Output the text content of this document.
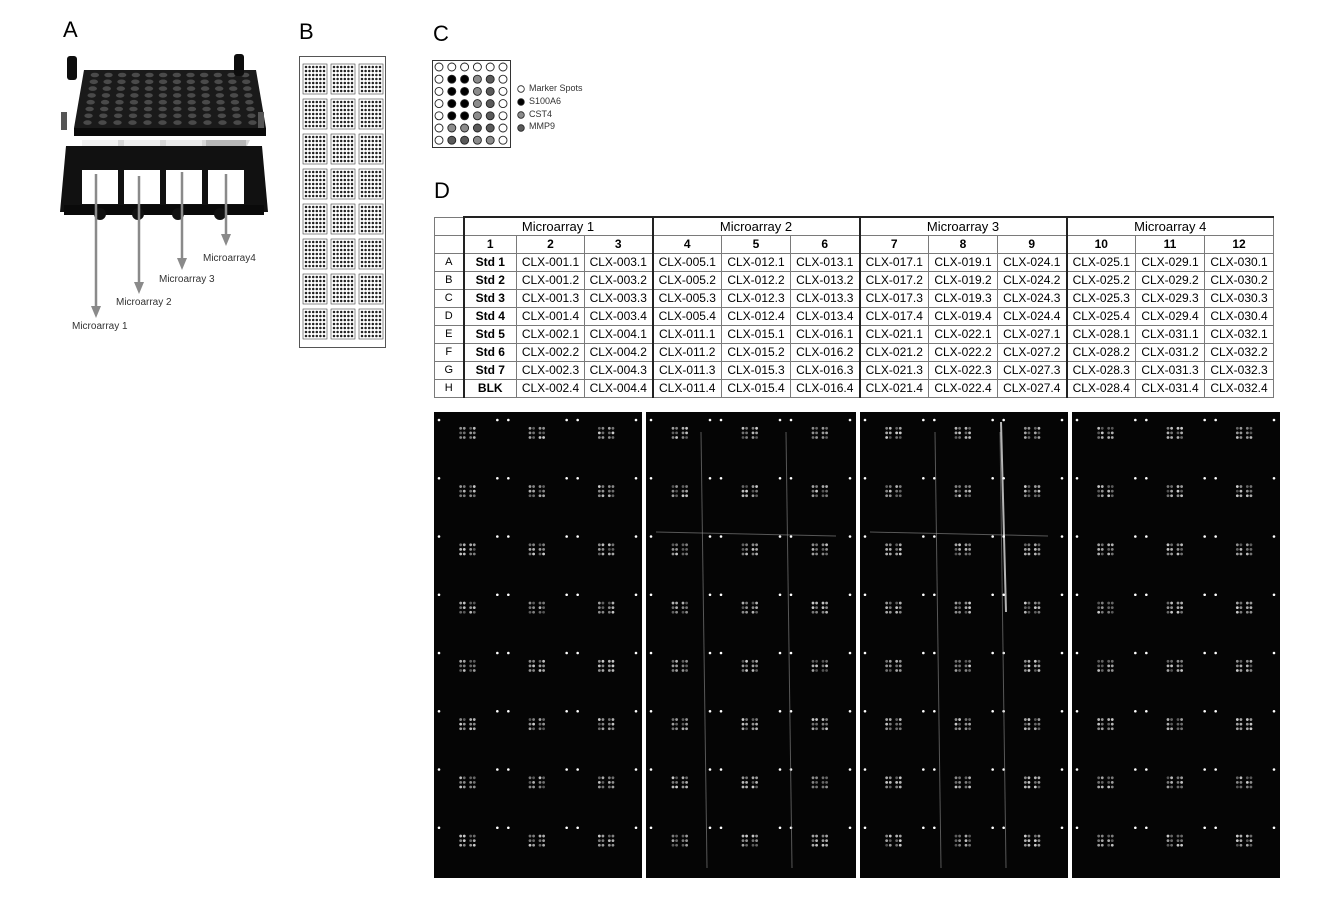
A	B	C
D
Microarray 1
Microarray 2
Microarray 3
Microarray4
Marker Spots
S100A6
CST4
MMP9
	Microarray 1			Microarray 2			Microarray 3			Microarray 4		
	1	2	3	4	5	6	7	8	9	10	11	12
A	Std 1	CLX-001.1	CLX-003.1	CLX-005.1	CLX-012.1	CLX-013.1	CLX-017.1	CLX-019.1	CLX-024.1	CLX-025.1	CLX-029.1	CLX-030.1
B	Std 2	CLX-001.2	CLX-003.2	CLX-005.2	CLX-012.2	CLX-013.2	CLX-017.2	CLX-019.2	CLX-024.2	CLX-025.2	CLX-029.2	CLX-030.2
C	Std 3	CLX-001.3	CLX-003.3	CLX-005.3	CLX-012.3	CLX-013.3	CLX-017.3	CLX-019.3	CLX-024.3	CLX-025.3	CLX-029.3	CLX-030.3
D	Std 4	CLX-001.4	CLX-003.4	CLX-005.4	CLX-012.4	CLX-013.4	CLX-017.4	CLX-019.4	CLX-024.4	CLX-025.4	CLX-029.4	CLX-030.4
E	Std 5	CLX-002.1	CLX-004.1	CLX-011.1	CLX-015.1	CLX-016.1	CLX-021.1	CLX-022.1	CLX-027.1	CLX-028.1	CLX-031.1	CLX-032.1
F	Std 6	CLX-002.2	CLX-004.2	CLX-011.2	CLX-015.2	CLX-016.2	CLX-021.2	CLX-022.2	CLX-027.2	CLX-028.2	CLX-031.2	CLX-032.2
G	Std 7	CLX-002.3	CLX-004.3	CLX-011.3	CLX-015.3	CLX-016.3	CLX-021.3	CLX-022.3	CLX-027.3	CLX-028.3	CLX-031.3	CLX-032.3
H	BLK	CLX-002.4	CLX-004.4	CLX-011.4	CLX-015.4	CLX-016.4	CLX-021.4	CLX-022.4	CLX-027.4	CLX-028.4	CLX-031.4	CLX-032.4
